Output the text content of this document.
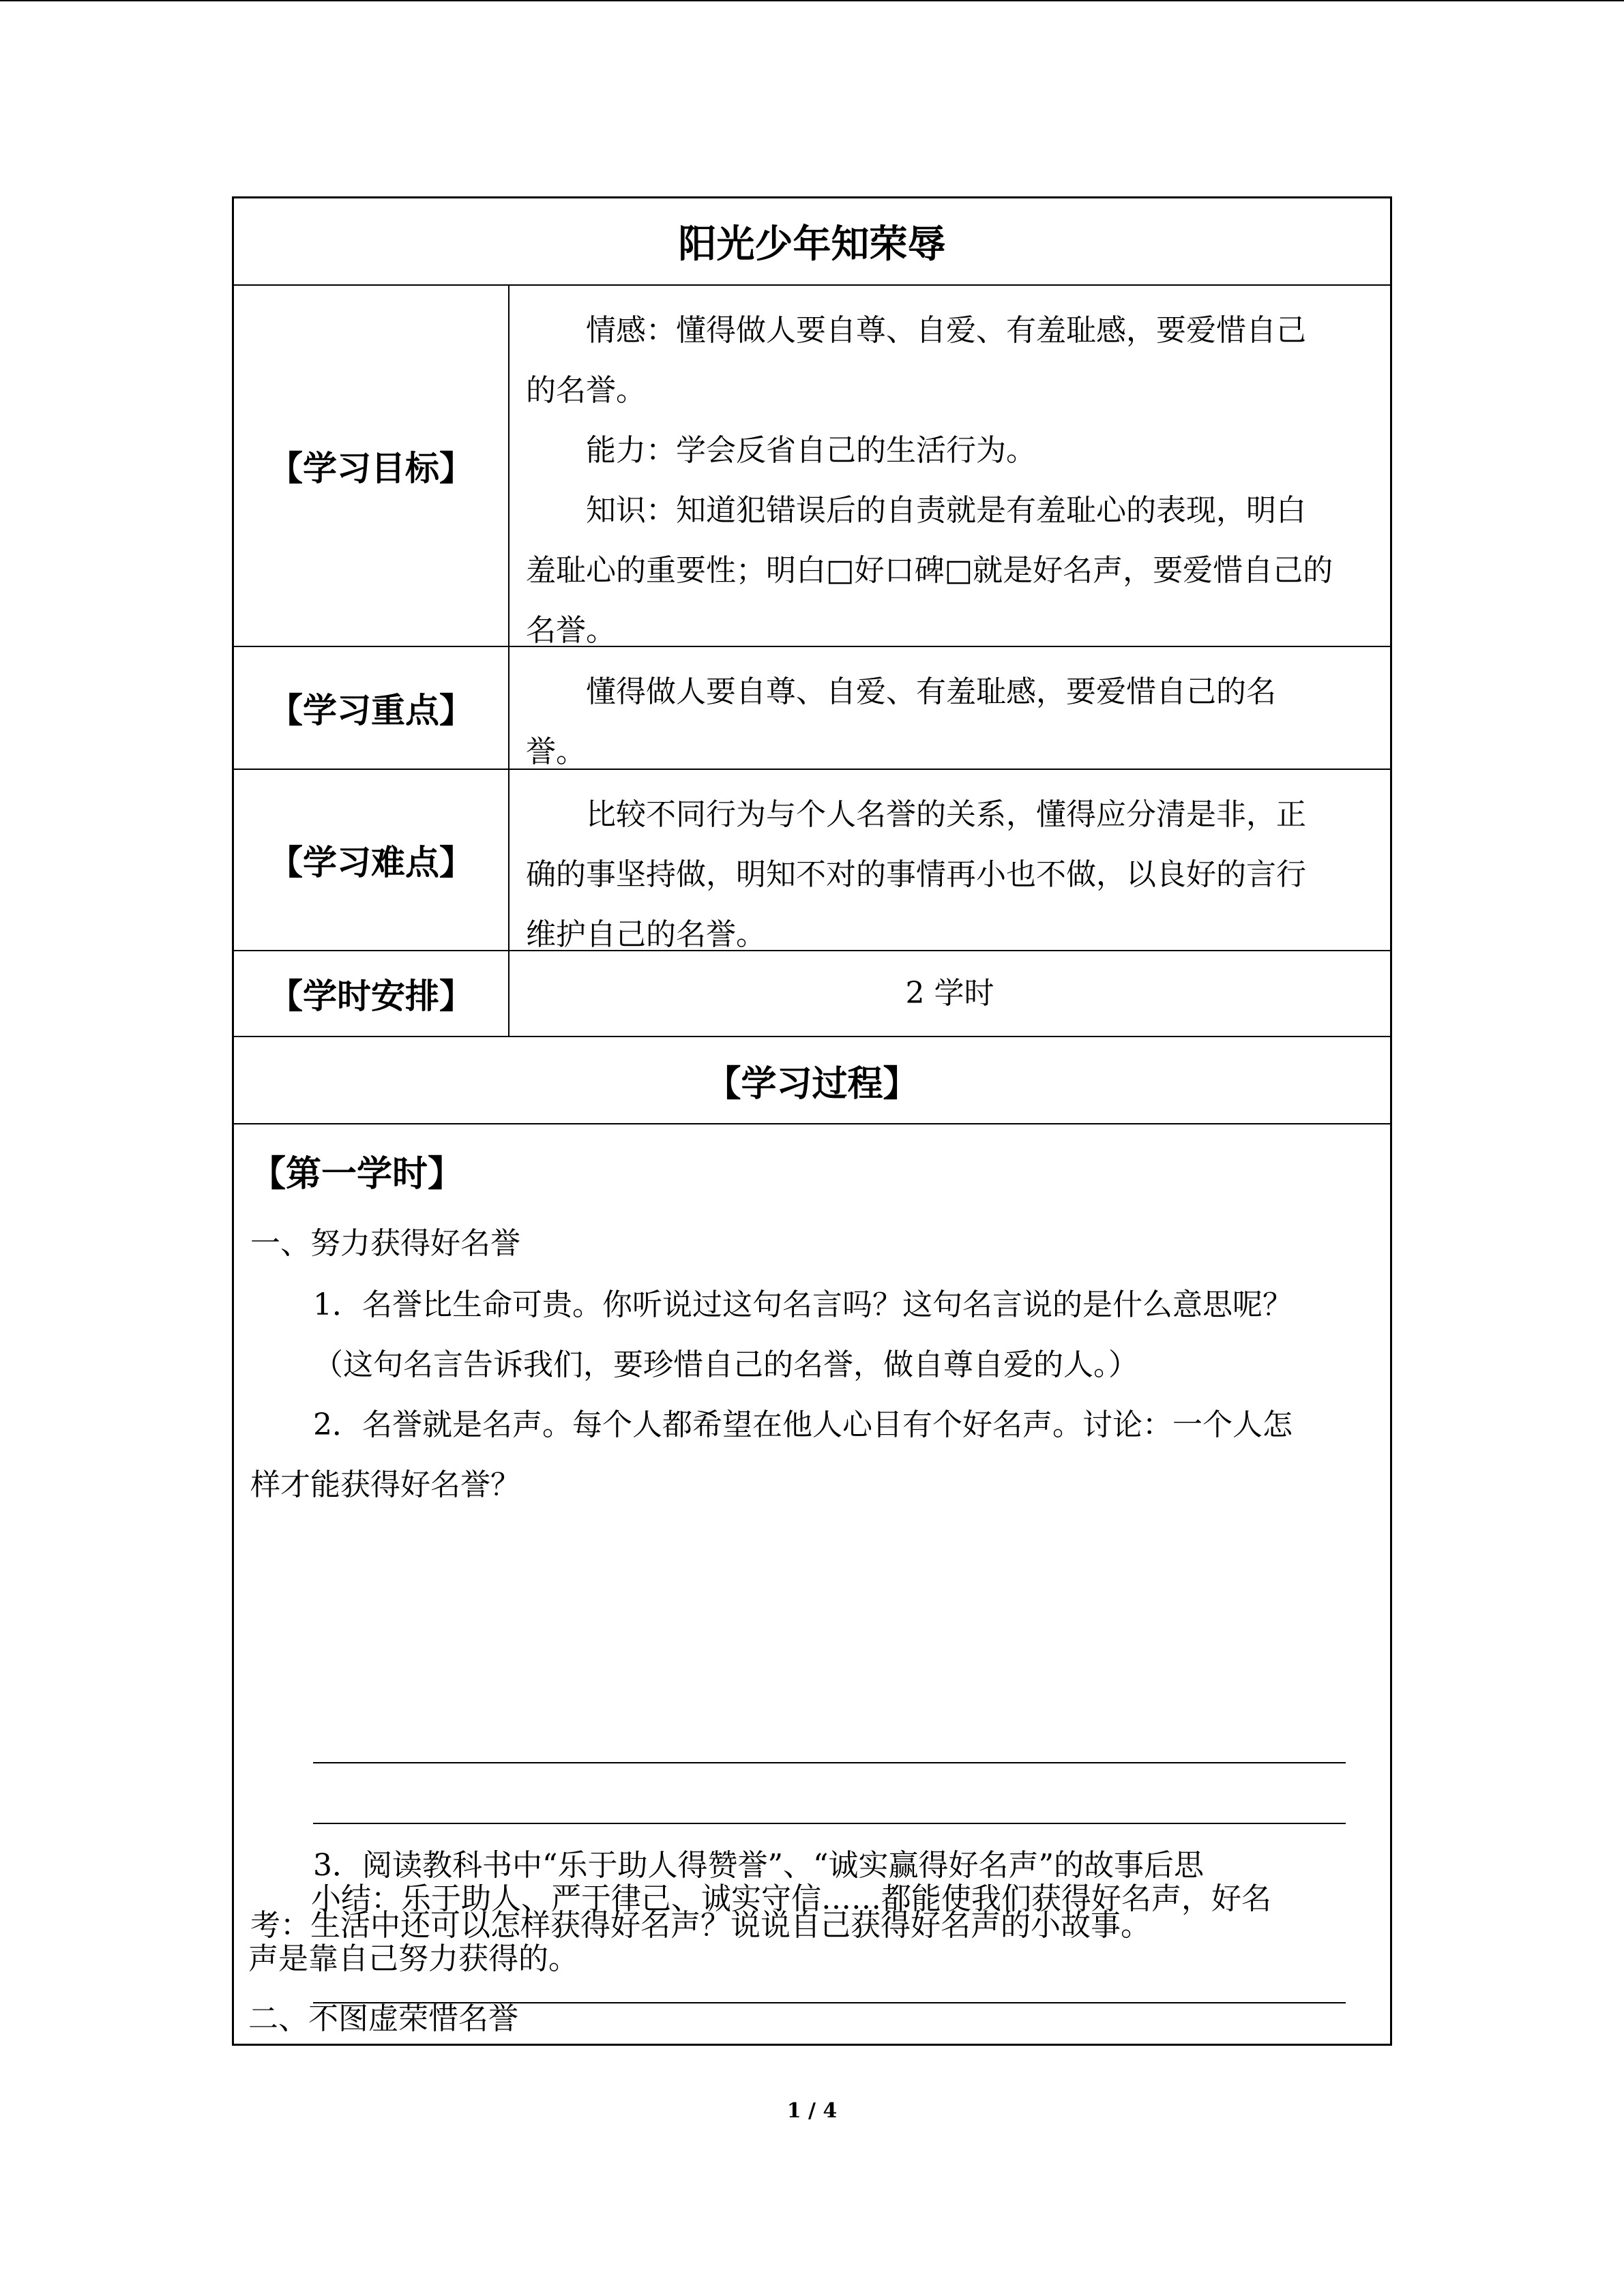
阳光少年知荣辱
【学习目标】

情感：懂得做人要自尊、自爱、有羞耻感，要爱惜自己

的名誉。

能力：学会反省自己的生活行为。

知识：知道犯错误后的自责就是有羞耻心的表现，明白

羞耻心的重要性；明白□好口碑□就是好名声，要爱惜自己的

名誉。

【学习重点】	懂得做人要自尊、自爱、有羞耻感，要爱惜自己的名

誉。

【学习难点】

比较不同行为与个人名誉的关系，懂得应分清是非，正

确的事坚持做，明知不对的事情再小也不做，以良好的言行

维护自己的名誉。

【学时安排】	2 学时
【学习过程】
【第一学时】
一、努力获得好名誉
1．名誉比生命可贵。你听说过这句名言吗？这句名言说的是什么意思呢？
（这句名言告诉我们，要珍惜自己的名誉，做自尊自爱的人。）
2．名誉就是名声。每个人都希望在他人心目有个好名声。讨论：一个人怎
样才能获得好名誉？
3．阅读教科书中“乐于助人得赞誉”、“诚实赢得好名声”的故事后思
考：生活中还可以怎样获得好名声？说说自己获得好名声的小故事。
1 / 4
小结：乐于助人、严于律己、诚实守信……都能使我们获得好名声，好名
声是靠自己努力获得的。
二、不图虚荣惜名誉
